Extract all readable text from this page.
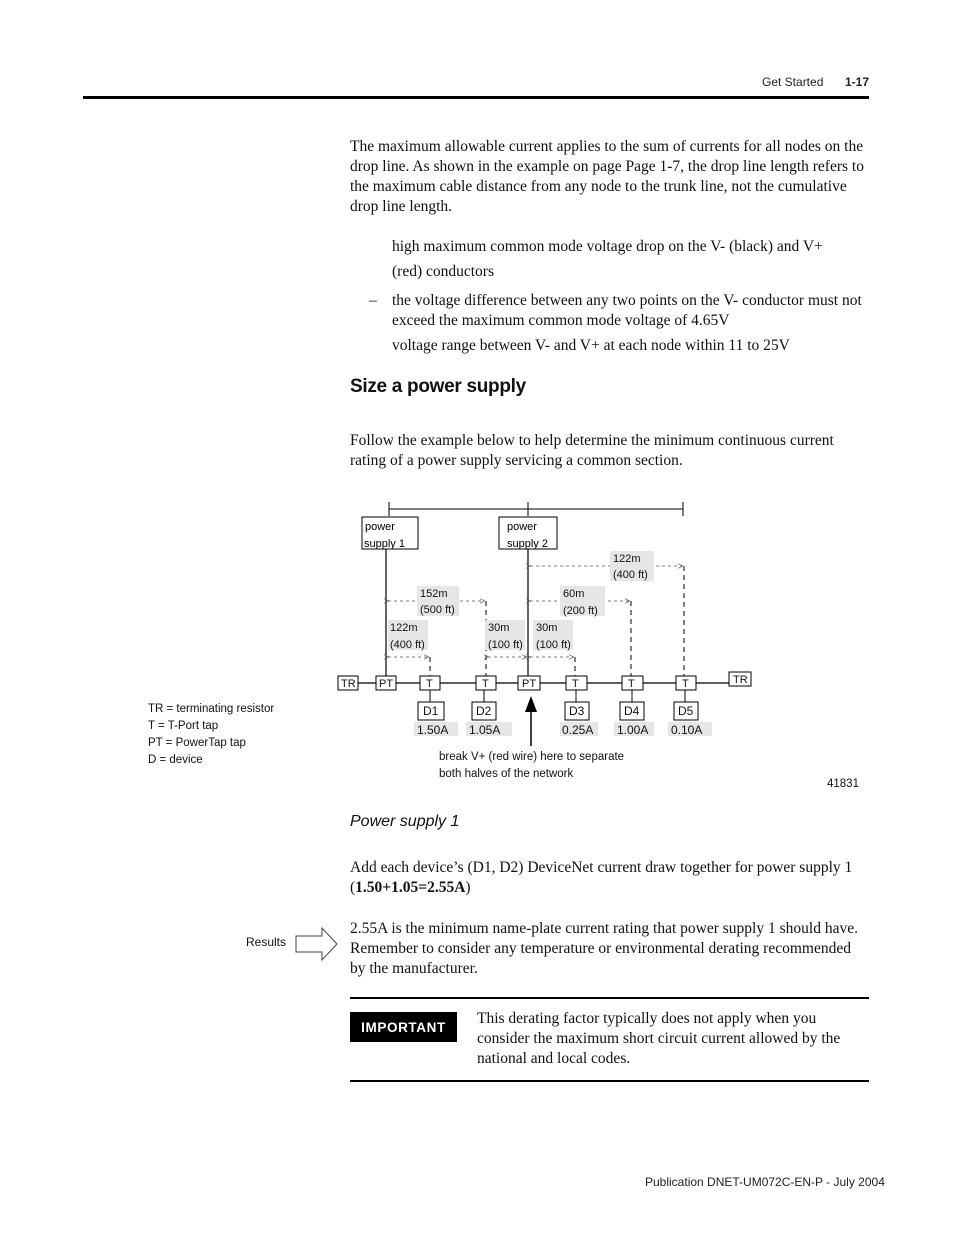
Get Started 1-17
The maximum allowable current applies to the sum of currents for all nodes on the drop line. As shown in the example on page Page 1-7, the drop line length refers to the maximum cable distance from any node to the trunk line, not the cumulative drop line length.
high maximum common mode voltage drop on the V- (black) and V+
(red) conductors
– the voltage difference between any two points on the V- conductor must not exceed the maximum common mode voltage of 4.65V
voltage range between V- and V+ at each node within 11 to 25V
Size a power supply
Follow the example below to help determine the minimum continuous current rating of a power supply servicing a common section.
power
supply 1
power
supply 2
122m
(400 ft)
152m
(500 ft)
60m
(200 ft)
122m
(400 ft)
30m
(100 ft)
30m
(100 ft)
TR PT	T	T	PT	T	T	T	TR
D1	D2	D3	D4	D5
1.50A 1.05A	0.25A 1.00A 0.10A
break V+ (red wire) here to separate
both halves of the network
41831
TR = terminating resistor
T = T-Port tap
PT = PowerTap tap
D = device
Power supply 1
Add each device’s (D1, D2) DeviceNet current draw together for power supply 1 (1.50+1.05=2.55A)
Results
2.55A is the minimum name-plate current rating that power supply 1 should have. Remember to consider any temperature or environmental derating recommended by the manufacturer.
IMPORTANT	This derating factor typically does not apply when you consider the maximum short circuit current allowed by the national and local codes.
Publication DNET-UM072C-EN-P - July 2004
